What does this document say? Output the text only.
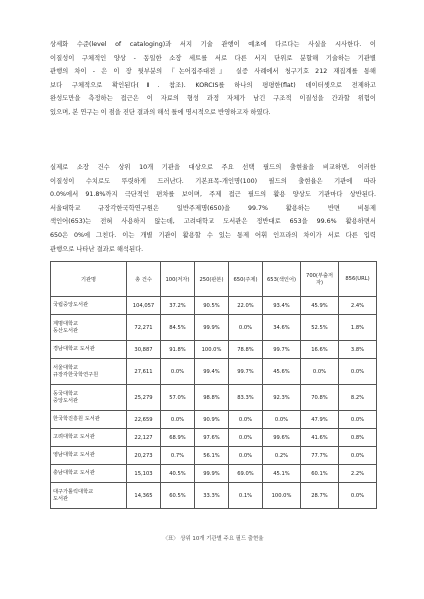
상세화 수준(level of cataloging)과 서지 기술 관행이 예초에 다르다는 사실을 시사한다. 이
이질성이 구체적인 양상 - 동일한 소장 세트를 서로 다른 서지 단위로 분할해 기술하는 기관별
관행의 차이 - 은 이 장 뒷부분의 『논어집주대전』 실증 사례에서 청구기호 212 재집계를 통해
보다 구체적으로 확인된다(Ⅱ. 참조). KORCIS를 하나의 평평한(flat) 데이터셋으로 전제하고
완성도만을 측정하는 접근은 이 자료의 형성 과정 자체가 남긴 구조적 이질성을 간과할 위험이
있으며, 본 연구는 이 점을 진단 결과의 해석 틀에 명시적으로 반영하고자 하였다.
실제로 소장 건수 상위 10개 기관을 대상으로 주요 선택 필드의 출현율을 비교하면, 이러한
이질성이 수치로도 뚜렷하게 드러난다. 기본표목-개인명(100) 필드의 출현율은 기관에 따라
0.0%에서 91.8%까지 극단적인 편차를 보이며, 주제 접근 필드의 활용 양상도 기관마다 상반된다.
서울대학교 규장각한국학연구원은 일반주제명(650)을 99.7% 활용하는 반면 비통제
색인어(653)는 전혀 사용하지 않는데, 고려대학교 도서관은 정반대로 653을 99.6% 활용하면서
650은 0%에 그친다. 이는 개별 기관이 활용할 수 있는 통제 어휘 인프라의 차이가 서로 다른 입력
관행으로 나타난 결과로 해석된다.
기관명	총 건수	100(저자)	250(판본)	650(주제)	653(색인어)	700(부출저자)	856(URL)

국립중앙도서관	104,057	37.2%	90.5%	22.0%	93.4%	45.9%	2.4%

계명대학교
동산도서관	72,271	84.5%	99.9%	0.0%	34.6%	52.5%	1.8%

경남대학교 도서관	30,887	91.8%	100.0%	78.8%	99.7%	16.6%	3.8%

서울대학교
규장각한국학연구원	27,611	0.0%	99.4%	99.7%	45.6%	0.0%	0.0%

동국대학교
중앙도서관	25,279	57.0%	98.8%	83.3%	92.3%	70.8%	8.2%

한국학진흥원 도서관	22,659	0.0%	90.9%	0.0%	0.0%	47.9%	0.0%

고려대학교 도서관	22,127	68.9%	97.6%	0.0%	99.6%	41.6%	0.8%

영남대학교 도서관	20,273	0.7%	56.1%	0.0%	0.2%	77.7%	0.0%

충남대학교 도서관	15,103	40.5%	99.9%	69.0%	45.1%	60.1%	2.2%

대구가톨릭대학교
도서관	14,365	60.5%	33.3%	0.1%	100.0%	28.7%	0.0%
〈표〉 상위 10개 기관별 주요 필드 출현율
